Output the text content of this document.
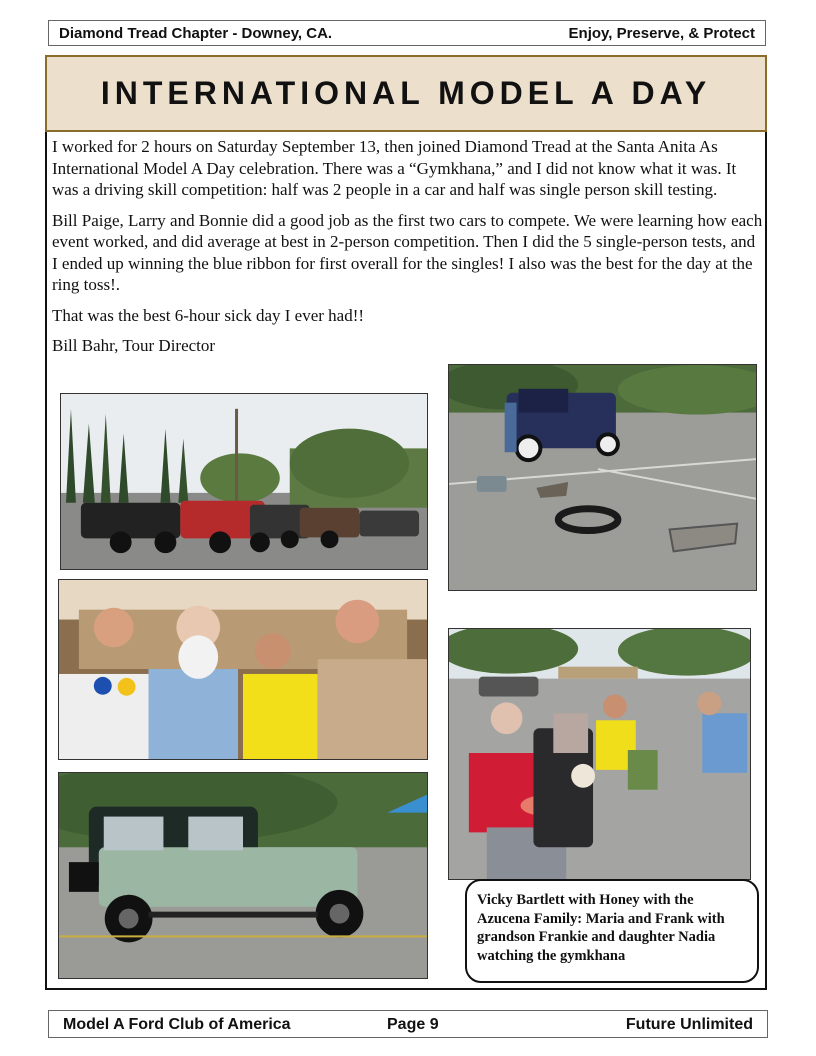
Diamond Tread Chapter - Downey, CA.	Enjoy, Preserve, & Protect
INTERNATIONAL MODEL A DAY

I worked for 2 hours on Saturday September 13, then joined Diamond Tread at the Santa Anita As International Model A Day celebration. There was a “Gymkhana,” and I did not know what it was. It was a driving skill competition: half was 2 people in a car and half was single person skill testing.

Bill Paige, Larry and Bonnie did a good job as the first two cars to compete. We were learning how each event worked, and did average at best in 2-person competition. Then I did the 5 single-person tests, and I ended up winning the blue ribbon for first overall for the singles! I also was the best for the day at the ring toss!.

That was the best 6-hour sick day I ever had!!

Bill Bahr, Tour Director

Vicky Bartlett with Honey with the Azucena Family: Maria and Frank with grandson Frankie and daughter Nadia watching the gymkhana
Model A Ford Club of America	Page 9	Future Unlimited
